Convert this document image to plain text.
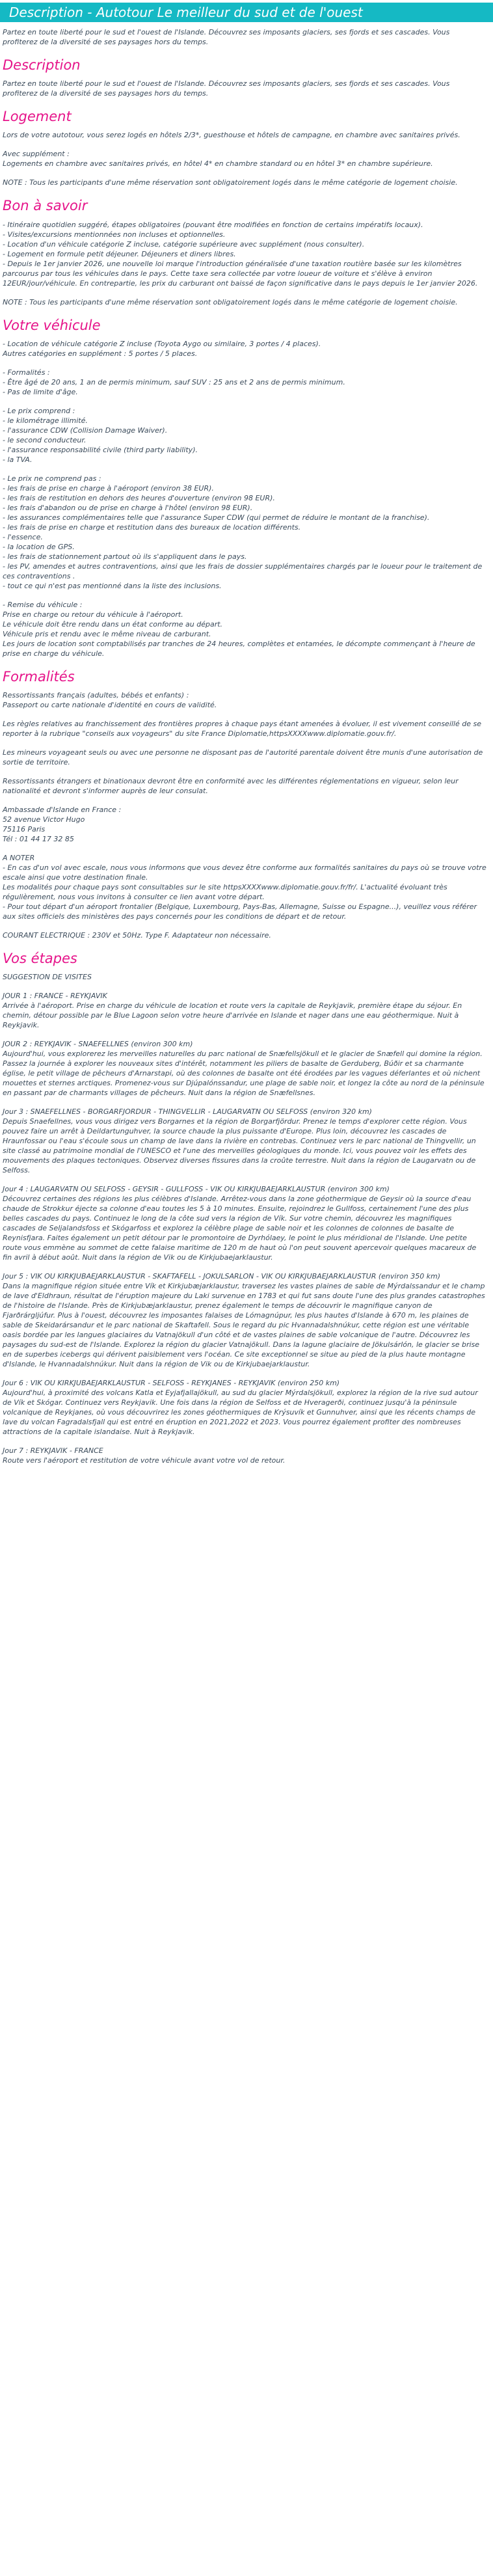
Description - Autotour Le meilleur du sud et de l'ouest

Partez en toute liberté pour le sud et l'ouest de l'Islande. Découvrez ses imposants glaciers, ses fjords et ses cascades. Vous profiterez de la diversité de ses paysages hors du temps.

Description

Partez en toute liberté pour le sud et l'ouest de l'Islande. Découvrez ses imposants glaciers, ses fjords et ses cascades. Vous profiterez de la diversité de ses paysages hors du temps.

Logement

Lors de votre autotour, vous serez logés en hôtels 2/3*, guesthouse et hôtels de campagne, en chambre avec sanitaires privés.

Avec supplément :

Logements en chambre avec sanitaires privés, en hôtel 4* en chambre standard ou en hôtel 3* en chambre supérieure.

NOTE : Tous les participants d'une même réservation sont obligatoirement logés dans le même catégorie de logement choisie.

Bon à savoir

- Itinéraire quotidien suggéré, étapes obligatoires (pouvant être modifiées en fonction de certains impératifs locaux).

- Visites/excursions mentionnées non incluses et optionnelles.

- Location d'un véhicule catégorie Z incluse, catégorie supérieure avec supplément (nous consulter).

- Logement en formule petit déjeuner. Déjeuners et diners libres.

- Depuis le 1er janvier 2026, une nouvelle loi marque l'introduction généralisée d'une taxation routière basée sur les kilomètres parcourus par tous les véhicules dans le pays. Cette taxe sera collectée par votre loueur de voiture et s'élève à environ 12EUR/jour/véhicule. En contrepartie, les prix du carburant ont baissé de façon significative dans le pays depuis le 1er janvier 2026.

NOTE : Tous les participants d'une même réservation sont obligatoirement logés dans le même catégorie de logement choisie.

Votre véhicule

- Location de véhicule catégorie Z incluse (Toyota Aygo ou similaire, 3 portes / 4 places).

Autres catégories en supplément : 5 portes / 5 places.

- Formalités :

- Être âgé de 20 ans, 1 an de permis minimum, sauf SUV : 25 ans et 2 ans de permis minimum.

- Pas de limite d'âge.

- Le prix comprend :

- le kilométrage illimité.

- l'assurance CDW (Collision Damage Waiver).

- le second conducteur.

- l'assurance responsabilité civile (third party liability).

- la TVA.

- Le prix ne comprend pas :

- les frais de prise en charge à l'aéroport (environ 38 EUR).

- les frais de restitution en dehors des heures d'ouverture (environ 98 EUR).

- les frais d'abandon ou de prise en charge à l'hôtel (environ 98 EUR).

- les assurances complémentaires telle que l'assurance Super CDW (qui permet de réduire le montant de la franchise).

- les frais de prise en charge et restitution dans des bureaux de location différents.

- l'essence.

- la location de GPS.

- les frais de stationnement partout où ils s'appliquent dans le pays.

- les PV, amendes et autres contraventions, ainsi que les frais de dossier supplémentaires chargés par le loueur pour le traitement de ces contraventions .

- tout ce qui n'est pas mentionné dans la liste des inclusions.

- Remise du véhicule :

Prise en charge ou retour du véhicule à l'aéroport.

Le véhicule doit être rendu dans un état conforme au départ.

Véhicule pris et rendu avec le même niveau de carburant.

Les jours de location sont comptabilisés par tranches de 24 heures, complètes et entamées, le décompte commençant à l'heure de prise en charge du véhicule.

Formalités

Ressortissants français (adultes, bébés et enfants) :

Passeport ou carte nationale d'identité en cours de validité.

Les règles relatives au franchissement des frontières propres à chaque pays étant amenées à évoluer, il est vivement conseillé de se reporter à la rubrique "conseils aux voyageurs" du site France Diplomatie,httpsXXXXwww.diplomatie.gouv.fr/.

Les mineurs voyageant seuls ou avec une personne ne disposant pas de l'autorité parentale doivent être munis d'une autorisation de sortie de territoire.

Ressortissants étrangers et binationaux devront être en conformité avec les différentes réglementations en vigueur, selon leur nationalité et devront s'informer auprès de leur consulat.

Ambassade d'Islande en France :

52 avenue Victor Hugo

75116 Paris

Tél : 01 44 17 32 85

A NOTER

- En cas d'un vol avec escale, nous vous informons que vous devez être conforme aux formalités sanitaires du pays où se trouve votre escale ainsi que votre destination finale.

Les modalités pour chaque pays sont consultables sur le site httpsXXXXwww.diplomatie.gouv.fr/fr/. L'actualité évoluant très régulièrement, nous vous invitons à consulter ce lien avant votre départ.

- Pour tout départ d'un aéroport frontalier (Belgique, Luxembourg, Pays-Bas, Allemagne, Suisse ou Espagne...), veuillez vous référer aux sites officiels des ministères des pays concernés pour les conditions de départ et de retour.

COURANT ELECTRIQUE : 230V et 50Hz. Type F. Adaptateur non nécessaire.

Vos étapes

SUGGESTION DE VISITES

JOUR 1 : FRANCE - REYKJAVIK

Arrivée à l'aéroport. Prise en charge du véhicule de location et route vers la capitale de Reykjavik, première étape du séjour. En chemin, détour possible par le Blue Lagoon selon votre heure d'arrivée en Islande et nager dans une eau géothermique. Nuit à Reykjavik.

JOUR 2 : REYKJAVIK - SNAEFELLNES (environ 300 km)

Aujourd'hui, vous explorerez les merveilles naturelles du parc national de Snæfellsjökull et le glacier de Snæfell qui domine la région. Passez la journée à explorer les nouveaux sites d'intérêt, notamment les piliers de basalte de Gerduberg, Búðir et sa charmante église, le petit village de pêcheurs d'Arnarstapi, où des colonnes de basalte ont été érodées par les vagues déferlantes et où nichent mouettes et sternes arctiques. Promenez-vous sur Djúpalónssandur, une plage de sable noir, et longez la côte au nord de la péninsule en passant par de charmants villages de pêcheurs. Nuit dans la région de Snæfellsnes.

Jour 3 : SNAEFELLNES - BORGARFJORDUR - THINGVELLIR - LAUGARVATN OU SELFOSS (environ 320 km)

Depuis Snaefellnes, vous vous dirigez vers Borgarnes et la région de Borgarfjördur. Prenez le temps d'explorer cette région. Vous pouvez faire un arrêt à Deildartunguhver, la source chaude la plus puissante d'Europe. Plus loin, découvrez les cascades de Hraunfossar ou l'eau s'écoule sous un champ de lave dans la rivière en contrebas. Continuez vers le parc national de Thingvellir, un site classé au patrimoine mondial de l'UNESCO et l'une des merveilles géologiques du monde. Ici, vous pouvez voir les effets des mouvements des plaques tectoniques. Observez diverses fissures dans la croûte terrestre. Nuit dans la région de Laugarvatn ou de Selfoss.

Jour 4 : LAUGARVATN OU SELFOSS - GEYSIR - GULLFOSS - VIK OU KIRKJUBAEJARKLAUSTUR (environ 300 km)

Découvrez certaines des régions les plus célèbres d'Islande. Arrêtez-vous dans la zone géothermique de Geysir où la source d'eau chaude de Strokkur éjecte sa colonne d'eau toutes les 5 à 10 minutes. Ensuite, rejoindrez le Gullfoss, certainement l'une des plus belles cascades du pays. Continuez le long de la côte sud vers la région de Vík. Sur votre chemin, découvrez les magnifiques cascades de Seljalandsfoss et Skógarfoss et explorez la célèbre plage de sable noir et les colonnes de colonnes de basalte de Reynisfjara. Faites également un petit détour par le promontoire de Dyrhólaey, le point le plus méridional de l'Islande. Une petite route vous emmène au sommet de cette falaise maritime de 120 m de haut où l'on peut souvent apercevoir quelques macareux de fin avril à début août. Nuit dans la région de Vik ou de Kirkjubaejarklaustur.

Jour 5 : VIK OU KIRKJUBAEJARKLAUSTUR - SKAFTAFELL - JOKULSARLON - VIK OU KIRKJUBAEJARKLAUSTUR (environ 350 km)

Dans la magnifique région située entre Vík et Kirkjubæjarklaustur, traversez les vastes plaines de sable de Mýrdalssandur et le champ de lave d'Eldhraun, résultat de l'éruption majeure du Laki survenue en 1783 et qui fut sans doute l'une des plus grandes catastrophes de l'histoire de l'Islande. Près de Kirkjubæjarklaustur, prenez également le temps de découvrir le magnifique canyon de Fjarðrárgljúfur. Plus à l'ouest, découvrez les imposantes falaises de Lómagnúpur, les plus hautes d'Islande à 670 m, les plaines de sable de Skeidarársandur et le parc national de Skaftafell. Sous le regard du pic Hvannadalshnúkur, cette région est une véritable oasis bordée par les langues glaciaires du Vatnajökull d'un côté et de vastes plaines de sable volcanique de l'autre. Découvrez les paysages du sud-est de l'Islande. Explorez la région du glacier Vatnajökull. Dans la lagune glaciaire de Jökulsárlón, le glacier se brise en de superbes icebergs qui dérivent paisiblement vers l'océan. Ce site exceptionnel se situe au pied de la plus haute montagne d'Islande, le Hvannadalshnúkur. Nuit dans la région de Vik ou de Kirkjubaejarklaustur.

Jour 6 : VIK OU KIRKJUBAEJARKLAUSTUR - SELFOSS - REYKJANES - REYKJAVIK (environ 250 km)

Aujourd'hui, à proximité des volcans Katla et Eyjafjallajökull, au sud du glacier Mýrdalsjökull, explorez la région de la rive sud autour de Vík et Skógar. Continuez vers Reykjavik. Une fois dans la région de Selfoss et de Hveragerði, continuez jusqu'à la péninsule volcanique de Reykjanes, où vous découvrirez les zones géothermiques de Krýsuvík et Gunnuhver, ainsi que les récents champs de lave du volcan Fagradalsfjall qui est entré en éruption en 2021,2022 et 2023. Vous pourrez également profiter des nombreuses attractions de la capitale islandaise. Nuit à Reykjavik.

Jour 7 : REYKJAVIK - FRANCE

Route vers l'aéroport et restitution de votre véhicule avant votre vol de retour.
